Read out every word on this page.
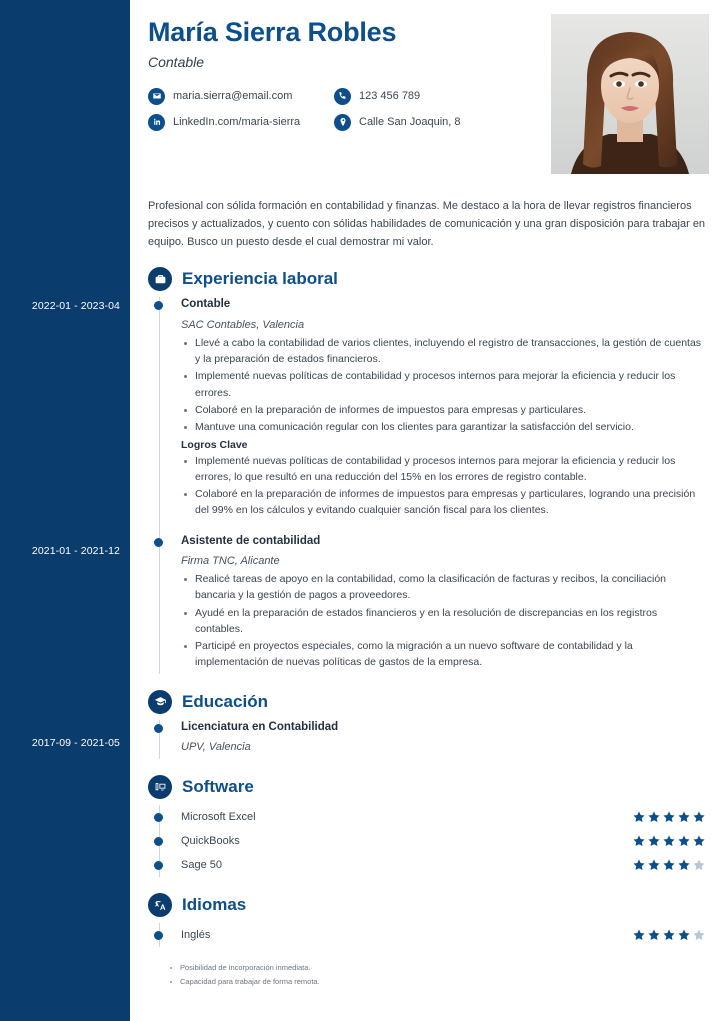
2022-01 - 2023-04
2021-01 - 2021-12
2017-09 - 2021-05
María Sierra Robles
Contable
maria.sierra@email.com	123 456 789
LinkedIn.com/maria-sierra	Calle San Joaquin, 8
Profesional con sólida formación en contabilidad y finanzas. Me destaco a la hora de llevar registros financieros precisos y actualizados, y cuento con sólidas habilidades de comunicación y una gran disposición para trabajar en equipo. Busco un puesto desde el cual demostrar mi valor.
Experiencia laboral
Contable
SAC Contables, Valencia
Llevé a cabo la contabilidad de varios clientes, incluyendo el registro de transacciones, la gestión de cuentas y la preparación de estados financieros.
Implementé nuevas políticas de contabilidad y procesos internos para mejorar la eficiencia y reducir los errores.
Colaboré en la preparación de informes de impuestos para empresas y particulares.
Mantuve una comunicación regular con los clientes para garantizar la satisfacción del servicio.
Logros Clave
Implementé nuevas políticas de contabilidad y procesos internos para mejorar la eficiencia y reducir los errores, lo que resultó en una reducción del 15% en los errores de registro contable.
Colaboré en la preparación de informes de impuestos para empresas y particulares, logrando una precisión del 99% en los cálculos y evitando cualquier sanción fiscal para los clientes.
Asistente de contabilidad
Firma TNC, Alicante
Realicé tareas de apoyo en la contabilidad, como la clasificación de facturas y recibos, la conciliación bancaria y la gestión de pagos a proveedores.
Ayudé en la preparación de estados financieros y en la resolución de discrepancias en los registros contables.
Participé en proyectos especiales, como la migración a un nuevo software de contabilidad y la implementación de nuevas políticas de gastos de la empresa.
Educación
Licenciatura en Contabilidad
UPV, Valencia
Software
Microsoft Excel
QuickBooks
Sage 50
Idiomas
Inglés
Posibilidad de incorporación inmediata.
Capacidad para trabajar de forma remota.
